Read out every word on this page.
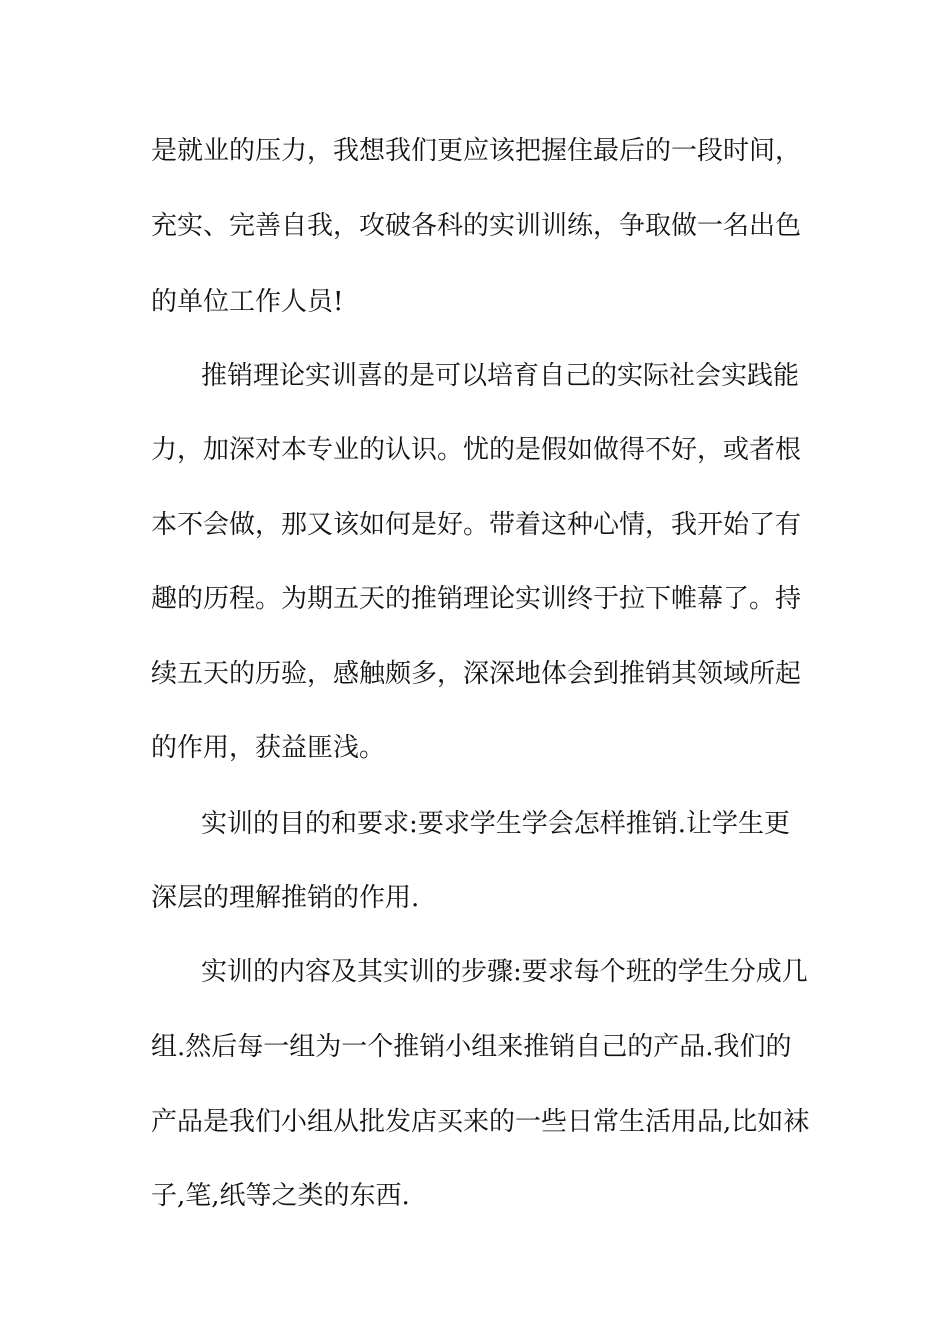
是就业的压力，我想我们更应该把握住最后的一段时间，

充实、完善自我，攻破各科的实训训练，争取做一名出色

的单位工作人员!

推销理论实训喜的是可以培育自己的实际社会实践能

力，加深对本专业的认识。忧的是假如做得不好，或者根

本不会做，那又该如何是好。带着这种心情，我开始了有

趣的历程。为期五天的推销理论实训终于拉下帷幕了。持

续五天的历验，感触颇多，深深地体会到推销其领域所起

的作用，获益匪浅。

实训的目的和要求:要求学生学会怎样推销.让学生更

深层的理解推销的作用.

实训的内容及其实训的步骤:要求每个班的学生分成几

组.然后每一组为一个推销小组来推销自己的产品.我们的

产品是我们小组从批发店买来的一些日常生活用品,比如袜

子,笔,纸等之类的东西.
